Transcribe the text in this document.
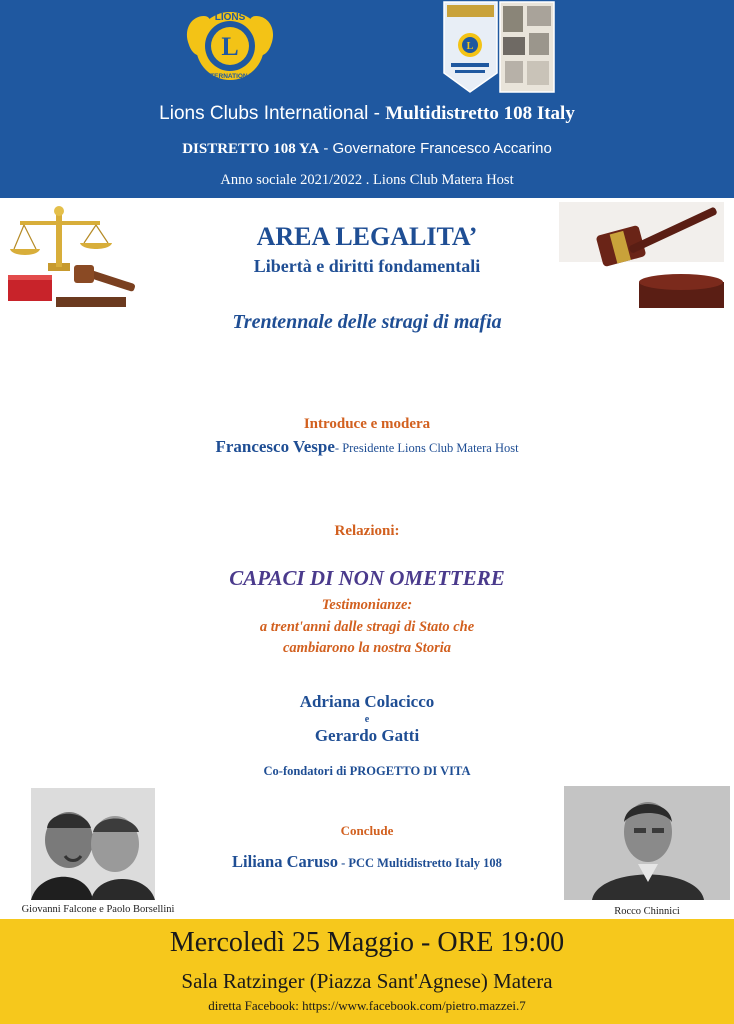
L
LIONS
INTERNATIONAL
L
Lions Clubs International - Multidistretto 108 Italy
DISTRETTO 108 YA - Governatore Francesco Accarino
Anno sociale 2021/2022 . Lions Club Matera Host
AREA LEGALITA’
Libertà e diritti fondamentali
Trentennale delle stragi di mafia
Introduce e modera
Francesco Vespe- Presidente Lions Club Matera Host
Relazioni:
CAPACI DI NON OMETTERE
Testimonianze:
a trent'anni dalle stragi di Stato che
cambiarono la nostra Storia
Adriana Colacicco
e
Gerardo Gatti
Co-fondatori di PROGETTO DI VITA
Conclude
Liliana Caruso - PCC Multidistretto Italy 108
Giovanni Falcone e Paolo Borsellini	Rocco Chinnici
Mercoledì 25 Maggio - ORE 19:00
Sala Ratzinger (Piazza Sant'Agnese) Matera
diretta Facebook: https://www.facebook.com/pietro.mazzei.7
